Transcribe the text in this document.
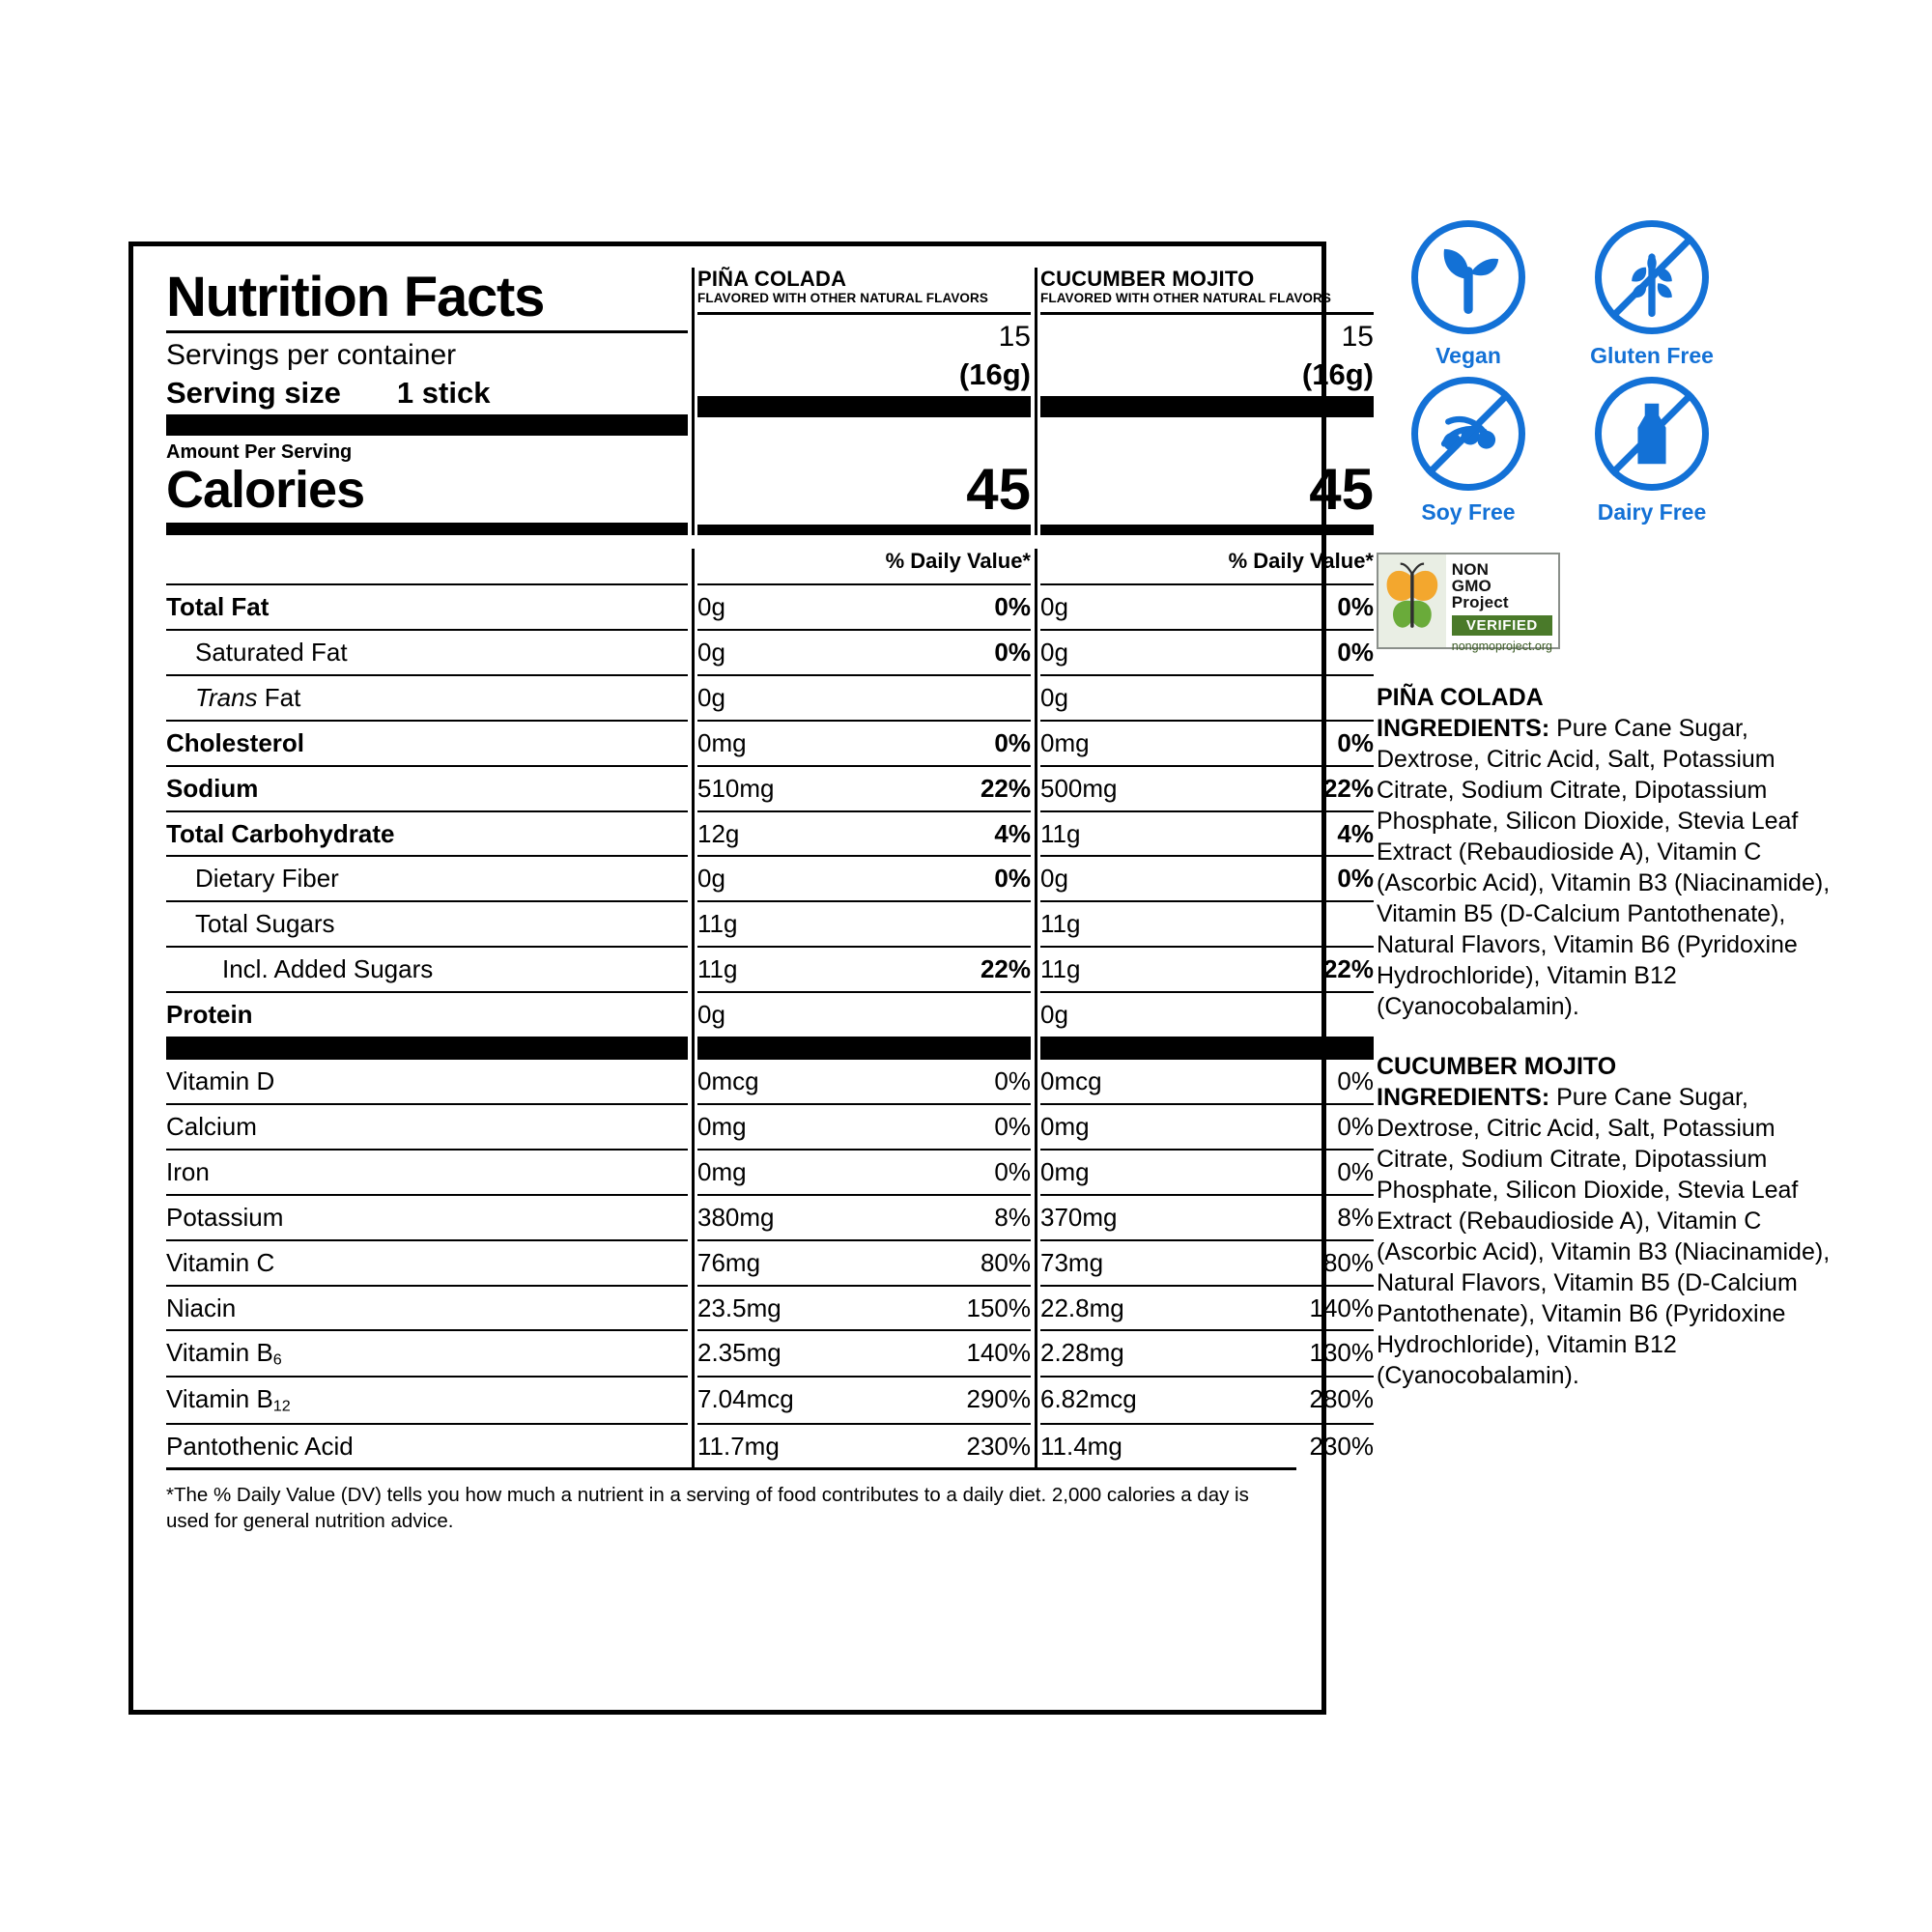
Nutrition Facts
Servings per container
Serving size 1 stick
PIÑA COLADA
FLAVORED WITH OTHER NATURAL FLAVORS
15
(16g)
CUCUMBER MOJITO
FLAVORED WITH OTHER NATURAL FLAVORS
15
(16g)
Amount Per Serving
Calories	45	45
% Daily Value*	% Daily Value*
Total Fat	0g	0% 0g	0%
Saturated Fat	0g	0% 0g	0%
Trans Fat	0g	0g
Cholesterol	0mg	0% 0mg	0%
Sodium	510mg	22% 500mg	22%
Total Carbohydrate	12g	4% 11g	4%
Dietary Fiber	0g	0% 0g	0%
Total Sugars	11g	11g
Incl. Added Sugars	11g	22% 11g	22%
Protein	0g	0g
Vitamin D	0mcg	0% 0mcg	0%
Calcium	0mg	0% 0mg	0%
Iron	0mg	0% 0mg	0%
Potassium	380mg	8% 370mg	8%
Vitamin C	76mg	80% 73mg	80%
Niacin	23.5mg	150% 22.8mg	140%
Vitamin $B_6$	2.35mg	140% 2.28mg	130%
Vitamin $B_{12}$	7.04mcg	290% 6.82mcg	280%
Pantothenic Acid	11.7mg	230% 11.4mg	230%
*The % Daily Value (DV) tells you how much a nutrient in a serving of food contributes to a daily diet. 2,000 calories a day is used for general nutrition advice.
Vegan	Gluten Free
Soy Free	Dairy Free
NON
GMO
Project
VERIFIED
nongmoproject.org
PIÑA COLADA

INGREDIENTS: Pure Cane Sugar, Dextrose, Citric Acid, Salt, Potassium Citrate, Sodium Citrate, Dipotassium Phosphate, Silicon Dioxide, Stevia Leaf Extract (Rebaudioside A), Vitamin C (Ascorbic Acid), Vitamin B3 (Niacinamide), Vitamin B5 (D-Calcium Pantothenate), Natural Flavors, Vitamin B6 (Pyridoxine Hydrochloride), Vitamin B12 (Cyanocobalamin).

CUCUMBER MOJITO

INGREDIENTS: Pure Cane Sugar, Dextrose, Citric Acid, Salt, Potassium Citrate, Sodium Citrate, Dipotassium Phosphate, Silicon Dioxide, Stevia Leaf Extract (Rebaudioside A), Vitamin C (Ascorbic Acid), Vitamin B3 (Niacinamide), Natural Flavors, Vitamin B5 (D-Calcium Pantothenate), Vitamin B6 (Pyridoxine Hydrochloride), Vitamin B12 (Cyanocobalamin).
